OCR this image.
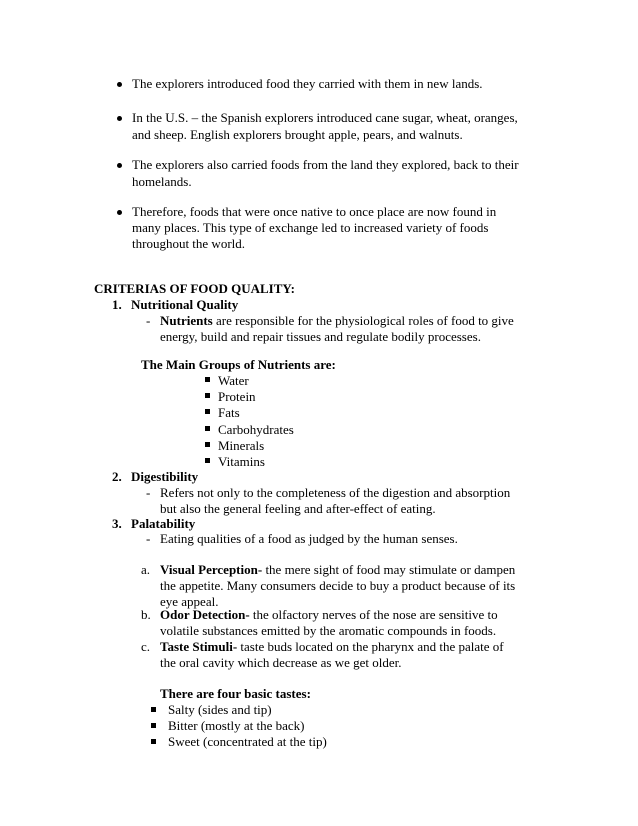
The explorers introduced food they carried with them in new lands.
In the U.S. – the Spanish explorers introduced cane sugar, wheat, oranges,
and sheep. English explorers brought apple, pears, and walnuts.
The explorers also carried foods from the land they explored, back to their
homelands.
Therefore, foods that were once native to once place are now found in
many places. This type of exchange led to increased variety of foods
throughout the world.
CRITERIAS OF FOOD QUALITY:
1. Nutritional Quality
- Nutrients are responsible for the physiological roles of food to give
energy, build and repair tissues and regulate bodily processes.
The Main Groups of Nutrients are:
Water
Protein
Fats
Carbohydrates
Minerals
Vitamins
2. Digestibility
- Refers not only to the completeness of the digestion and absorption
but also the general feeling and after-effect of eating.
3. Palatability
- Eating qualities of a food as judged by the human senses.
a. Visual Perception- the mere sight of food may stimulate or dampen
the appetite. Many consumers decide to buy a product because of its
eye appeal.
b. Odor Detection- the olfactory nerves of the nose are sensitive to
volatile substances emitted by the aromatic compounds in foods.
c. Taste Stimuli- taste buds located on the pharynx and the palate of
the oral cavity which decrease as we get older.
There are four basic tastes:
Salty (sides and tip)
Bitter (mostly at the back)
Sweet (concentrated at the tip)
